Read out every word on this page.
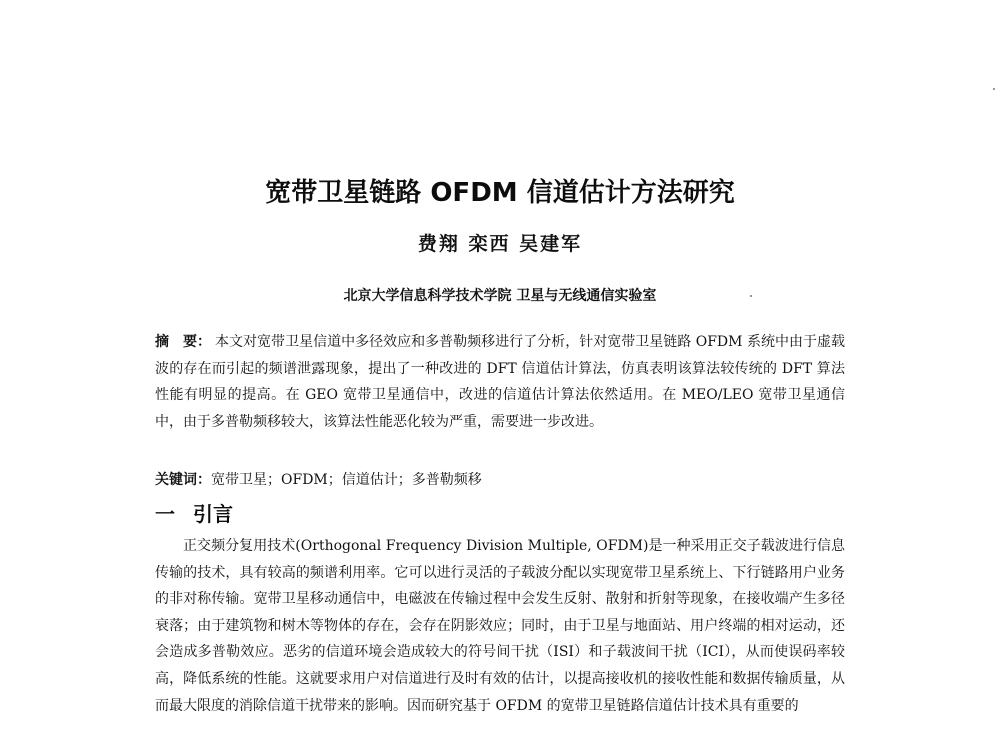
宽带卫星链路 OFDM 信道估计方法研究
费翔 栾西 吴建军
北京大学信息科学技术学院 卫星与无线通信实验室
摘　要： 本文对宽带卫星信道中多径效应和多普勒频移进行了分析，针对宽带卫星链路 OFDM 系统中由于虚载波的存在而引起的频谱泄露现象，提出了一种改进的 DFT 信道估计算法，仿真表明该算法较传统的 DFT 算法性能有明显的提高。在 GEO 宽带卫星通信中，改进的信道估计算法依然适用。在 MEO/LEO 宽带卫星通信中，由于多普勒频移较大，该算法性能恶化较为严重，需要进一步改进。
关键词：宽带卫星；OFDM；信道估计；多普勒频移
一 引言
正交频分复用技术(Orthogonal Frequency Division Multiple, OFDM)是一种采用正交子载波进行信息传输的技术，具有较高的频谱利用率。它可以进行灵活的子载波分配以实现宽带卫星系统上、下行链路用户业务的非对称传输。宽带卫星移动通信中，电磁波在传输过程中会发生反射、散射和折射等现象，在接收端产生多径衰落；由于建筑物和树木等物体的存在，会存在阴影效应；同时，由于卫星与地面站、用户终端的相对运动，还会造成多普勒效应。恶劣的信道环境会造成较大的符号间干扰（ISI）和子载波间干扰（ICI），从而使误码率较高，降低系统的性能。这就要求用户对信道进行及时有效的估计，以提高接收机的接收性能和数据传输质量，从而最大限度的消除信道干扰带来的影响。因而研究基于 OFDM 的宽带卫星链路信道估计技术具有重要的
